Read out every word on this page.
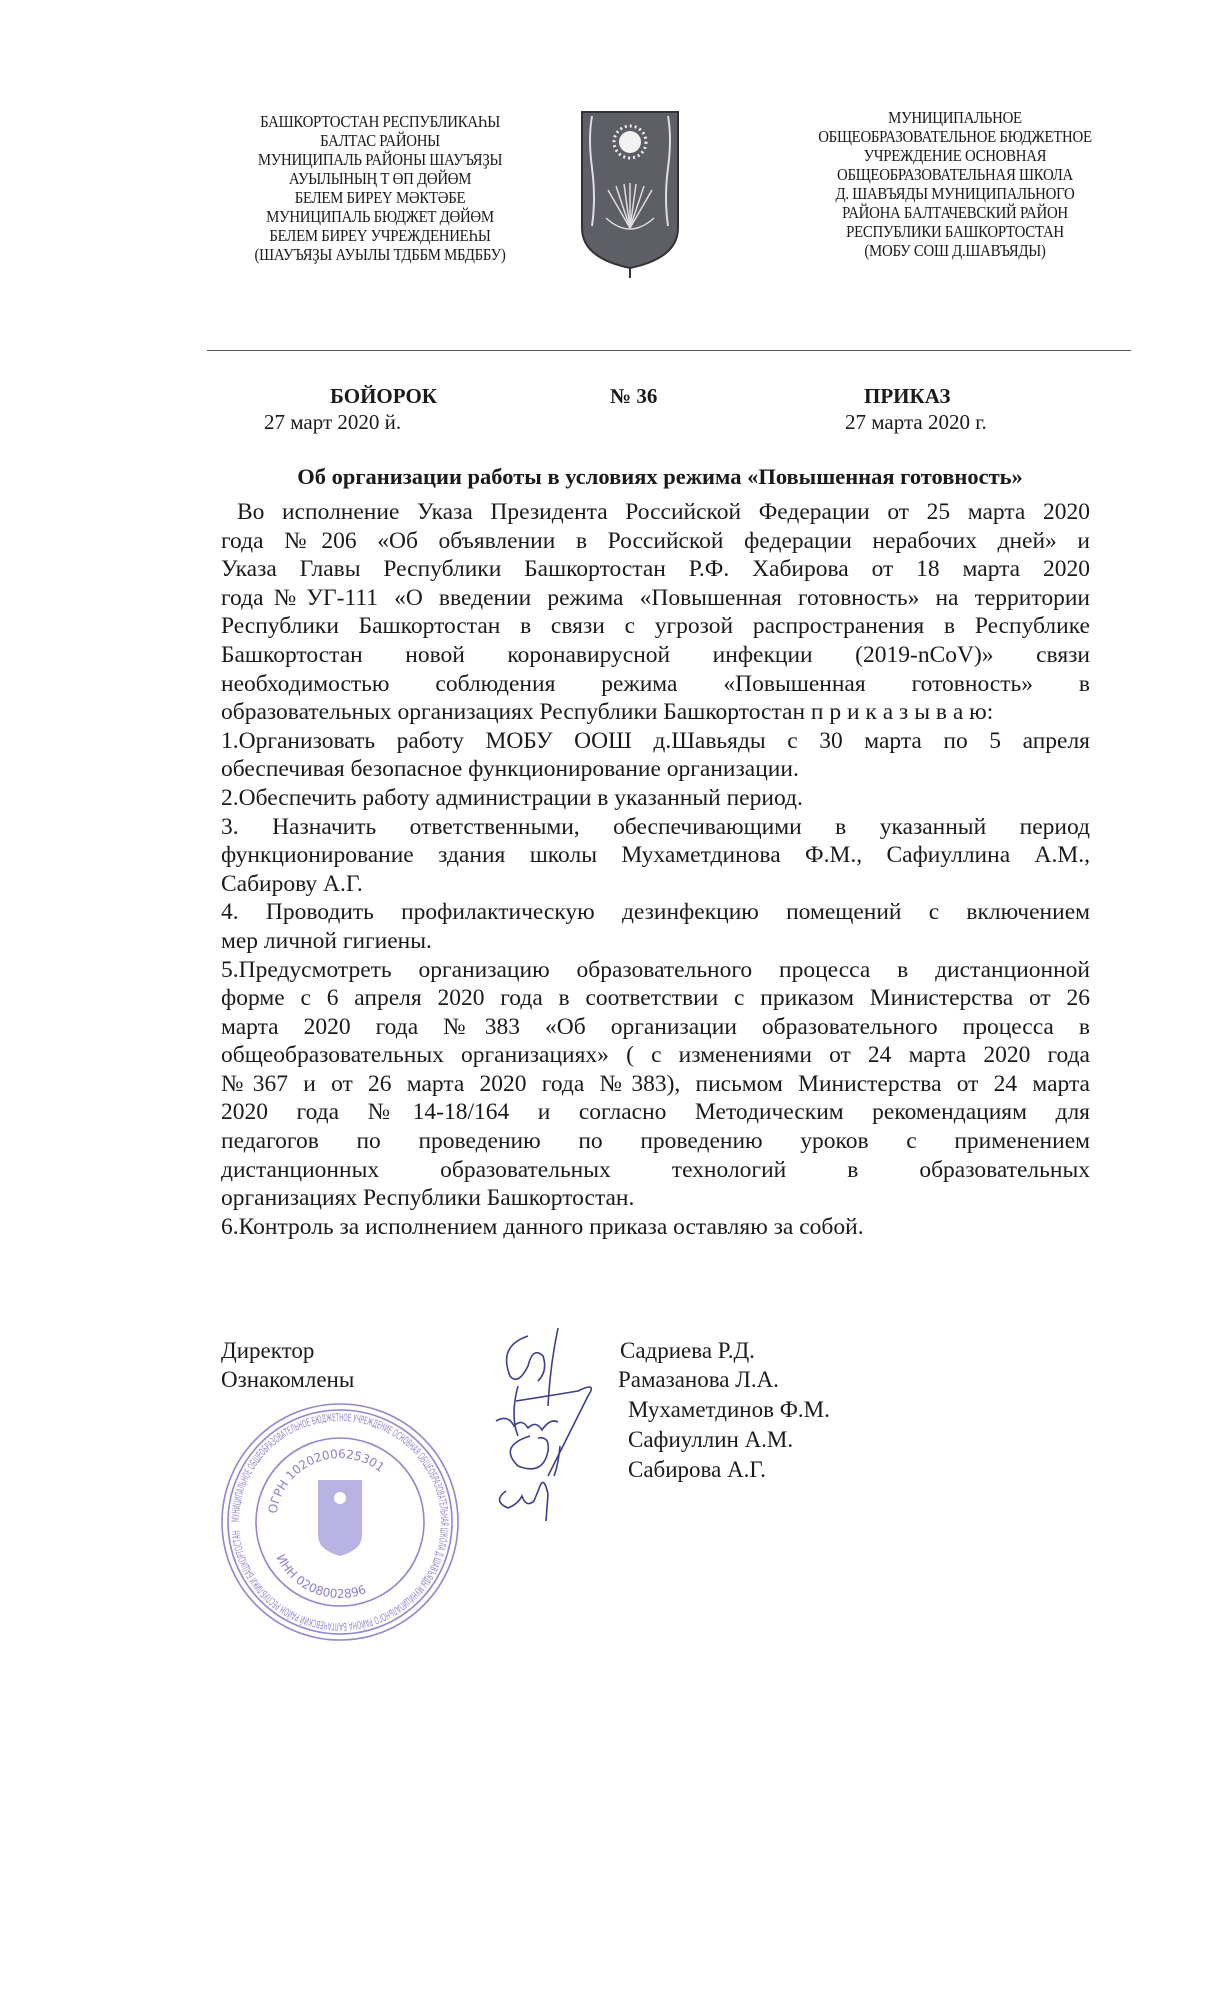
БАШКОРТОСТАН РЕСПУБЛИКАҺЫ
БАЛТАС РАЙОНЫ
МУНИЦИПАЛЬ РАЙОНЫ ШАУЪЯҘЫ
АУЫЛЫНЫҢ Т ӨП ДӨЙӨМ
БЕЛЕМ БИРЕҮ МӘКТӘБЕ
МУНИЦИПАЛЬ БЮДЖЕТ ДӨЙӨМ
БЕЛЕМ БИРЕҮ УЧРЕЖДЕНИЕҺЫ
(ШАУЪЯҘЫ АУЫЛЫ ТДББМ МБДББУ)
МУНИЦИПАЛЬНОЕ
ОБЩЕОБРАЗОВАТЕЛЬНОЕ БЮДЖЕТНОЕ
УЧРЕЖДЕНИЕ ОСНОВНАЯ
ОБЩЕОБРАЗОВАТЕЛЬНАЯ ШКОЛА
Д. ШАВЪЯДЫ МУНИЦИПАЛЬНОГО
РАЙОНА БАЛТАЧЕВСКИЙ РАЙОН
РЕСПУБЛИКИ БАШКОРТОСТАН
(МОБУ СОШ Д.ШАВЪЯДЫ)
БОЙОРОК
27 март 2020 й.
№ 36	ПРИКАЗ
27 марта 2020 г.
Об организации работы в условиях режима «Повышенная готовность»
Во исполнение Указа Президента Российской Федерации от 25 марта 2020
года №206 «Об объявлении в Российской федерации нерабочих дней» и
Указа Главы Республики Башкортостан Р.Ф. Хабирова от 18 марта 2020
года№УГ-111 «О введении режима «Повышенная готовность» на территории
Республики Башкортостан в связи с угрозой распространения в Республике
Башкортостан новой коронавирусной инфекции (2019-nCoV)» связи
необходимостью соблюдения режима «Повышенная готовность» в
образовательных организациях Республики Башкортостан п р и к а з ы в а ю:
1.Организовать работу МОБУ ООШ д.Шавьяды с 30 марта по 5 апреля
обеспечивая безопасное функционирование организации.
2.Обеспечить работу администрации в указанный период.
3. Назначить ответственными, обеспечивающими в указанный период
функционирование здания школы Мухаметдинова Ф.М., Сафиуллина А.М.,
Сабирову А.Г.
4. Проводить профилактическую дезинфекцию помещений с включением
мер личной гигиены.
5.Предусмотреть организацию образовательного процесса в дистанционной
форме с 6 апреля 2020 года в соответствии с приказом Министерства от 26
марта 2020 года №383 «Об организации образовательного процесса в
общеобразовательных организациях» ( с изменениями от 24 марта 2020 года
№367 и от 26 марта 2020 года №383), письмом Министерства от 24 марта
2020 года №14-18/164 и согласно Методическим рекомендациям для
педагогов по проведению по проведению уроков с применением
дистанционных образовательных технологий в образовательных
организациях Республики Башкортостан.
6.Контроль за исполнением данного приказа оставляю за собой.
Директор
Ознакомлены
Садриева Р.Д.
Рамазанова Л.А.
Мухаметдинов Ф.М.
Сафиуллин А.М.
Сабирова А.Г.
МУНИЦИПАЛЬНОЕ ОБЩЕОБРАЗОВАТЕЛЬНОЕ БЮДЖЕТНОЕ УЧРЕЖДЕНИЕ ОСНОВНАЯ ОБЩЕОБРАЗОВАТЕЛЬНАЯ ШКОЛА Д.ШАВЪЯДЫ МУНИЦИПАЛЬНОГО РАЙОНА БАЛТАЧЕВСКИЙ РАЙОН РЕСПУБЛИКИ БАШКОРТОСТАН
ОГРН 1020200625301
ИНН 0208002896
